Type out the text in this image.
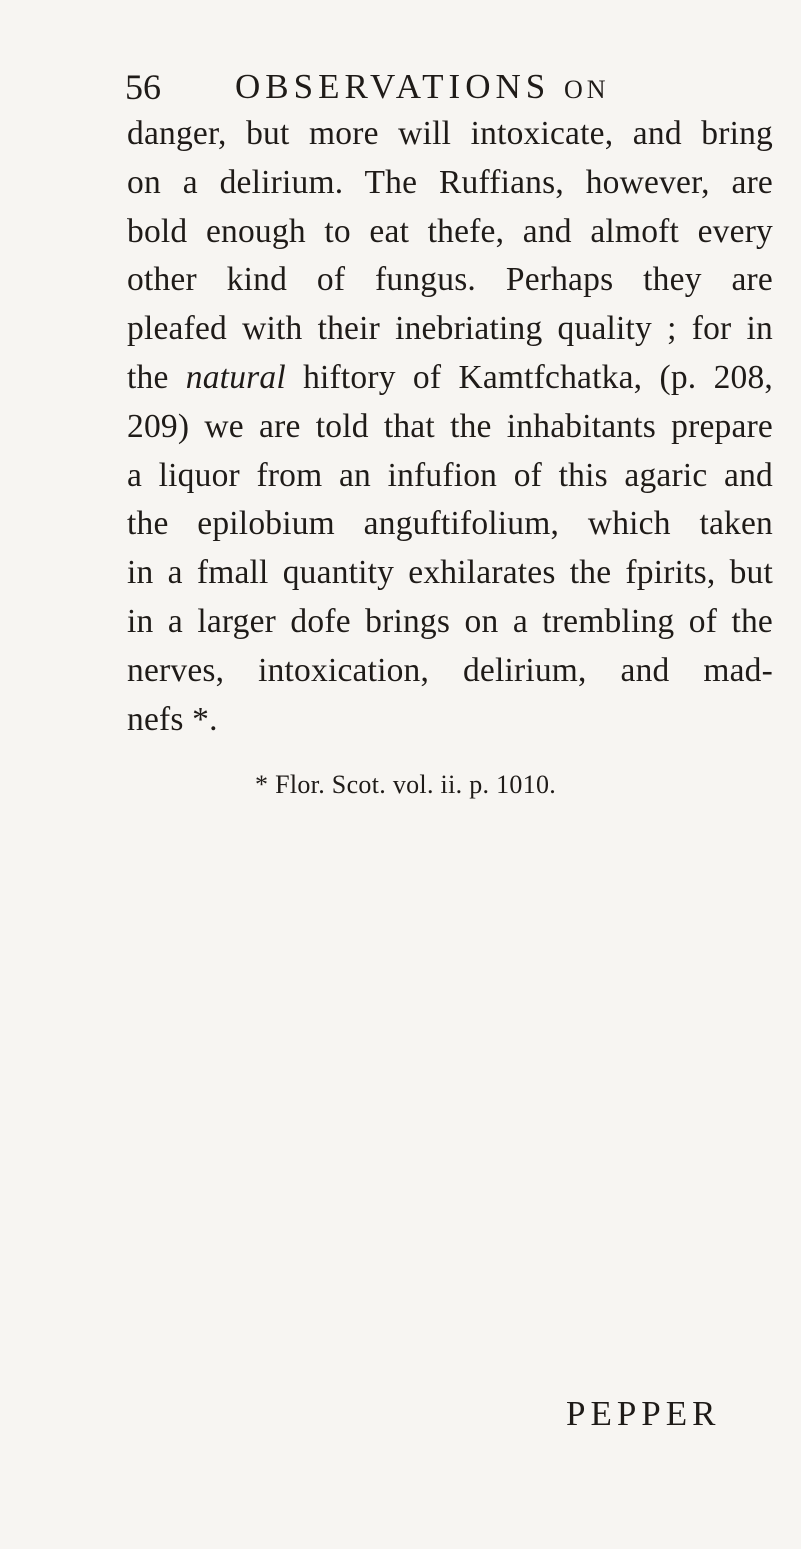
56 OBSERVATIONS ON
danger, but more will intoxicate, and bring
on a delirium. The Ruffians, however, are
bold enough to eat thefe, and almoft every
other kind of fungus. Perhaps they are
pleafed with their inebriating quality ; for in
the natural hiftory of Kamtfchatka, (p. 208,
209) we are told that the inhabitants prepare
a liquor from an infufion of this agaric and
the epilobium anguftifolium, which taken
in a fmall quantity exhilarates the fpirits, but
in a larger dofe brings on a trembling of the
nerves, intoxication, delirium, and mad-
nefs *.
* Flor. Scot. vol. ii. p. 1010.
PEPPER
